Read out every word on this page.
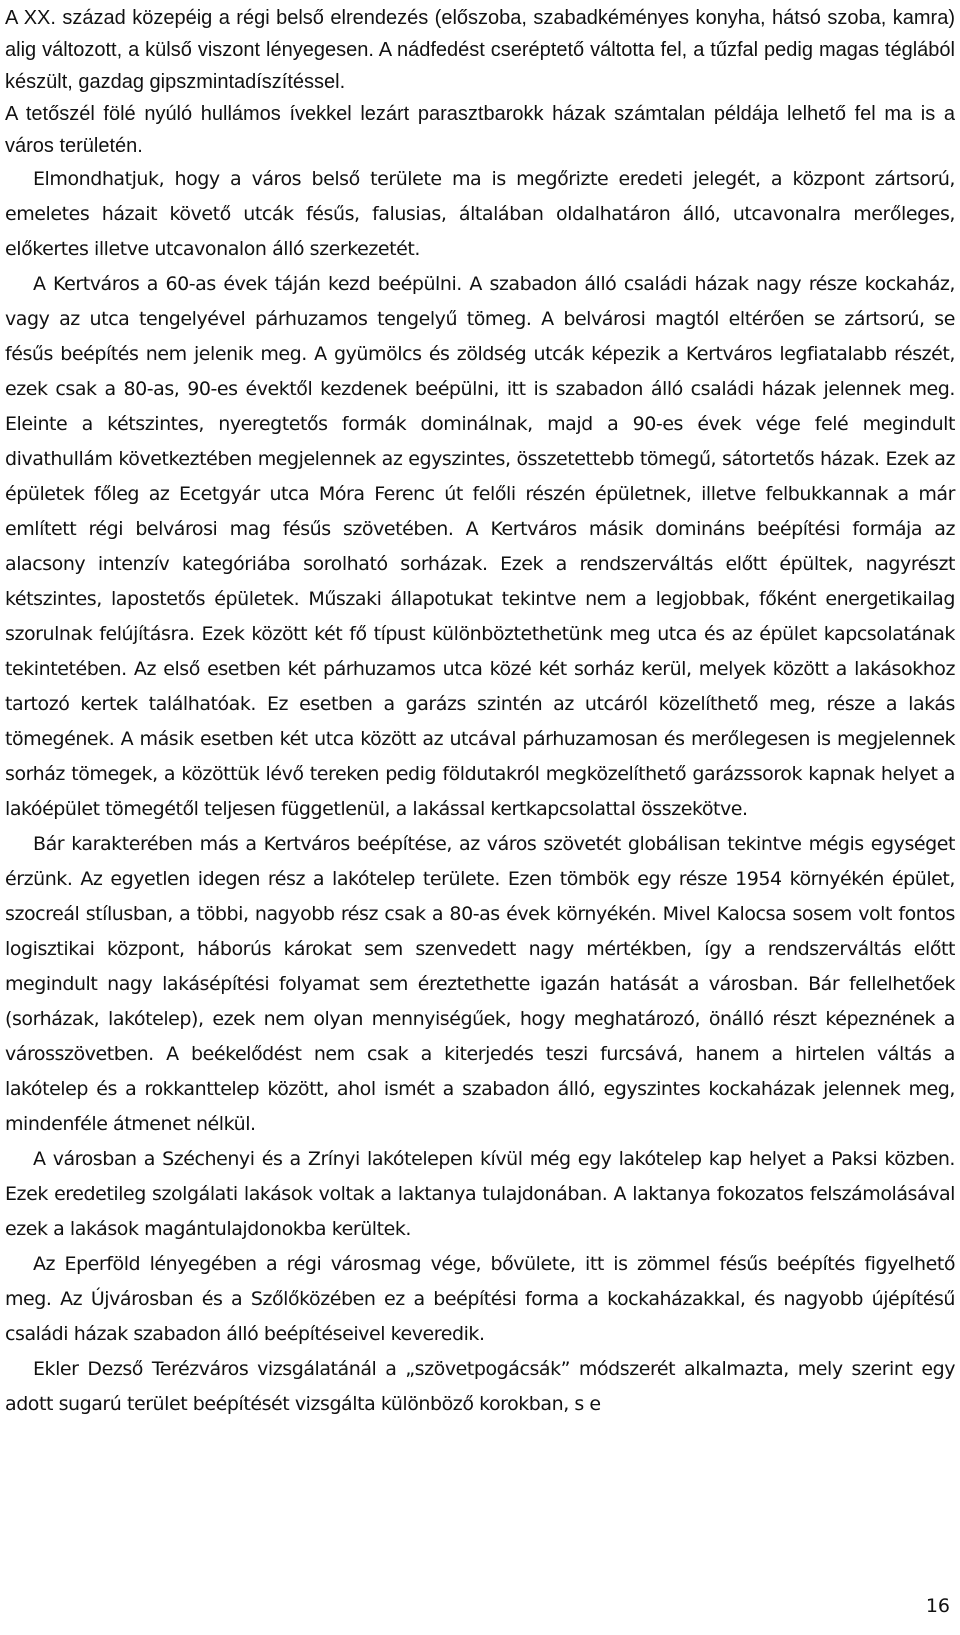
A XX. század közepéig a régi belső elrendezés (előszoba, szabadkéményes konyha, hátsó szoba, kamra) alig változott, a külső viszont lényegesen. A nádfedést cseréptető váltotta fel, a tűzfal pedig magas téglából készült, gazdag gipszmintadíszítéssel.

A tetőszél fölé nyúló hullámos ívekkel lezárt parasztbarokk házak számtalan példája lelhető fel ma is a város területén.

Elmondhatjuk, hogy a város belső területe ma is megőrizte eredeti jelegét, a központ zártsorú, emeletes házait követő utcák fésűs, falusias, általában oldalhatáron álló, utcavonalra merőleges, előkertes illetve utcavonalon álló szerkezetét.

A Kertváros a 60-as évek táján kezd beépülni. A szabadon álló családi házak nagy része kockaház, vagy az utca tengelyével párhuzamos tengelyű tömeg. A belvárosi magtól eltérően se zártsorú, se fésűs beépítés nem jelenik meg. A gyümölcs és zöldség utcák képezik a Kertváros legfiatalabb részét, ezek csak a 80-as, 90-es évektől kezdenek beépülni, itt is szabadon álló családi házak jelennek meg. Eleinte a kétszintes, nyeregtetős formák dominálnak, majd a 90-es évek vége felé megindult divathullám következtében megjelennek az egyszintes, összetettebb tömegű, sátortetős házak. Ezek az épületek főleg az Ecetgyár utca Móra Ferenc út felőli részén épületnek, illetve felbukkannak a már említett régi belvárosi mag fésűs szövetében. A Kertváros másik domináns beépítési formája az alacsony intenzív kategóriába sorolható sorházak. Ezek a rendszerváltás előtt épültek, nagyrészt kétszintes, lapostetős épületek. Műszaki állapotukat tekintve nem a legjobbak, főként energetikailag szorulnak felújításra. Ezek között két fő típust különböztethetünk meg utca és az épület kapcsolatának tekintetében. Az első esetben két párhuzamos utca közé két sorház kerül, melyek között a lakásokhoz tartozó kertek találhatóak. Ez esetben a garázs szintén az utcáról közelíthető meg, része a lakás tömegének. A másik esetben két utca között az utcával párhuzamosan és merőlegesen is megjelennek sorház tömegek, a közöttük lévő tereken pedig földutakról megközelíthető garázssorok kapnak helyet a lakóépület tömegétől teljesen függetlenül, a lakással kertkapcsolattal összekötve.

Bár karakterében más a Kertváros beépítése, az város szövetét globálisan tekintve mégis egységet érzünk. Az egyetlen idegen rész a lakótelep területe. Ezen tömbök egy része 1954 környékén épület, szocreál stílusban, a többi, nagyobb rész csak a 80-as évek környékén. Mivel Kalocsa sosem volt fontos logisztikai központ, háborús károkat sem szenvedett nagy mértékben, így a rendszerváltás előtt megindult nagy lakásépítési folyamat sem éreztethette igazán hatását a városban. Bár fellelhetőek (sorházak, lakótelep), ezek nem olyan mennyiségűek, hogy meghatározó, önálló részt képeznének a városszövetben. A beékelődést nem csak a kiterjedés teszi furcsává, hanem a hirtelen váltás a lakótelep és a rokkanttelep között, ahol ismét a szabadon álló, egyszintes kockaházak jelennek meg, mindenféle átmenet nélkül.

A városban a Széchenyi és a Zrínyi lakótelepen kívül még egy lakótelep kap helyet a Paksi közben. Ezek eredetileg szolgálati lakások voltak a laktanya tulajdonában. A laktanya fokozatos felszámolásával ezek a lakások magántulajdonokba kerültek.

Az Eperföld lényegében a régi városmag vége, bővülete, itt is zömmel fésűs beépítés figyelhető meg. Az Újvárosban és a Szőlőközében ez a beépítési forma a kockaházakkal, és nagyobb újépítésű családi házak szabadon álló beépítéseivel keveredik.

Ekler Dezső Terézváros vizsgálatánál a „szövetpogácsák” módszerét alkalmazta, mely szerint egy adott sugarú terület beépítését vizsgálta különböző korokban, s e

16
